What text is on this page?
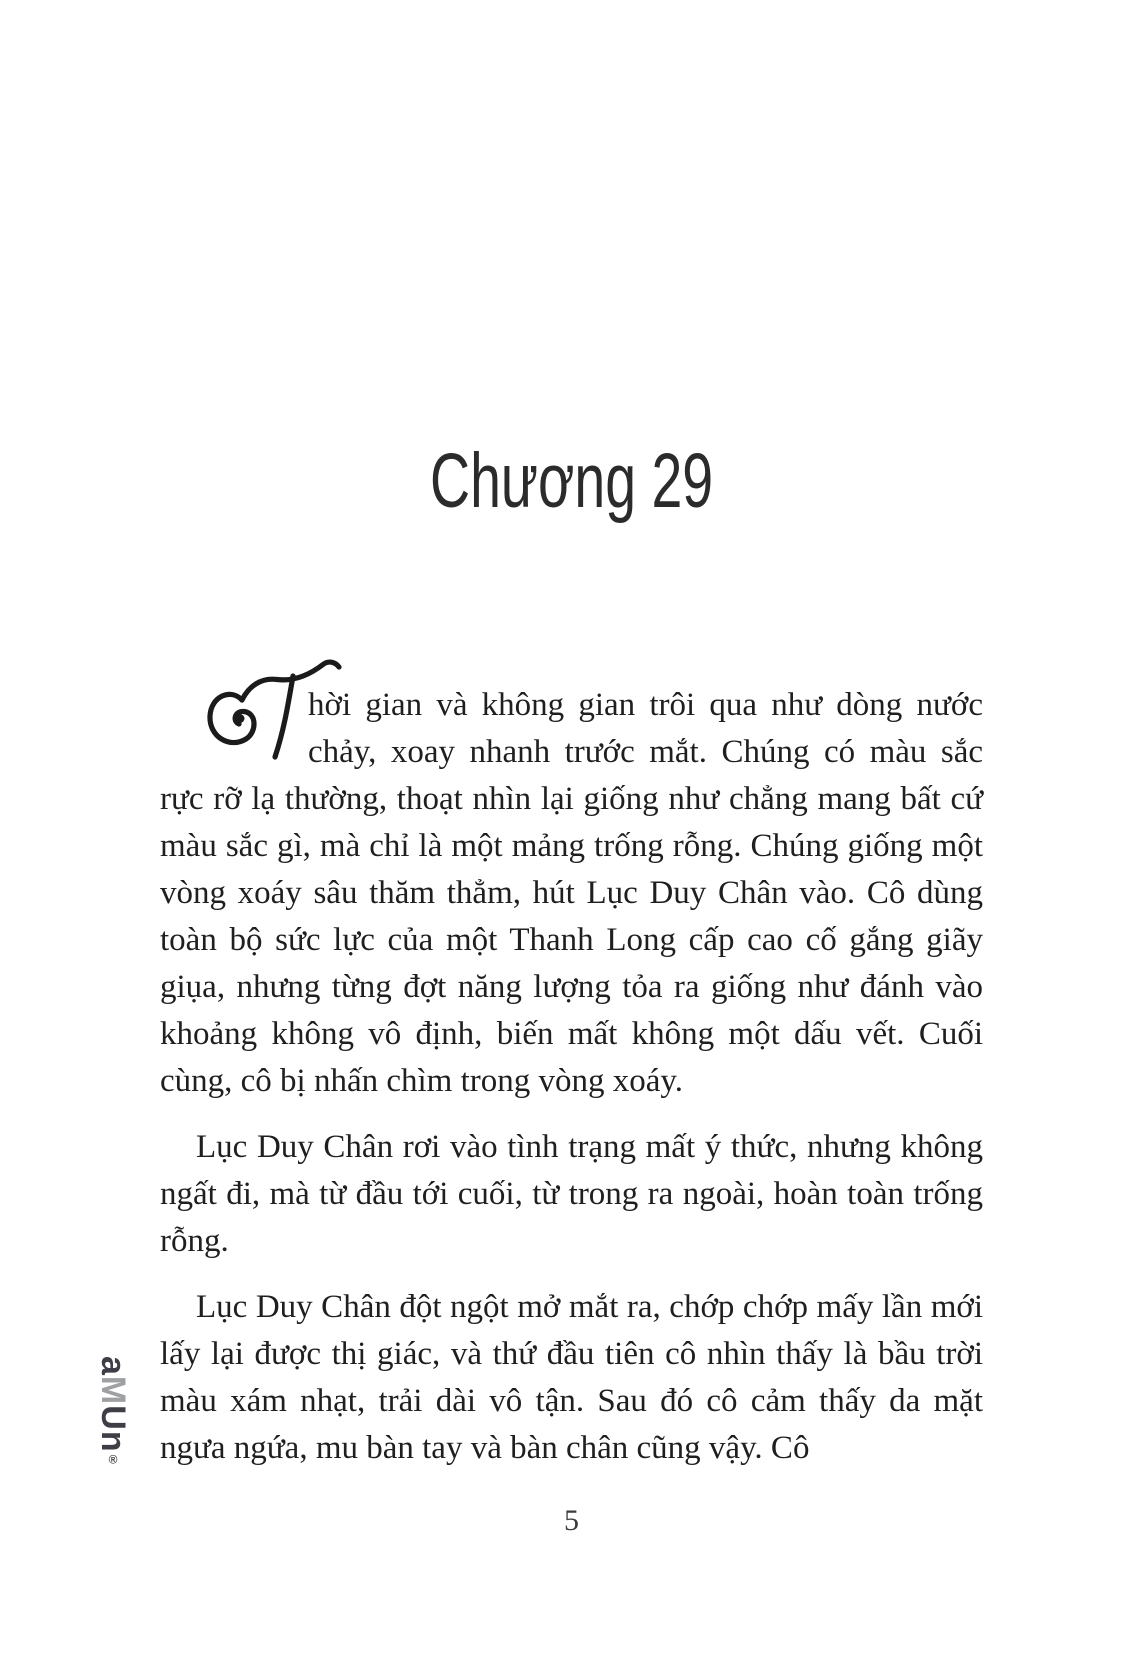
aMUn®
Chương 29

hời gian và không gian trôi qua như dòng nước chảy, xoay nhanh trước mắt. Chúng có màu sắc rực rỡ lạ thường, thoạt nhìn lại giống như chẳng mang bất cứ màu sắc gì, mà chỉ là một mảng trống rỗng. Chúng giống một vòng xoáy sâu thăm thẳm, hút Lục Duy Chân vào. Cô dùng toàn bộ sức lực của một Thanh Long cấp cao cố gắng giãy giụa, nhưng từng đợt năng lượng tỏa ra giống như đánh vào khoảng không vô định, biến mất không một dấu vết. Cuối cùng, cô bị nhấn chìm trong vòng xoáy.

Lục Duy Chân rơi vào tình trạng mất ý thức, nhưng không ngất đi, mà từ đầu tới cuối, từ trong ra ngoài, hoàn toàn trống rỗng.

Lục Duy Chân đột ngột mở mắt ra, chớp chớp mấy lần mới lấy lại được thị giác, và thứ đầu tiên cô nhìn thấy là bầu trời màu xám nhạt, trải dài vô tận. Sau đó cô cảm thấy da mặt ngưa ngứa, mu bàn tay và bàn chân cũng vậy. Cô

5
